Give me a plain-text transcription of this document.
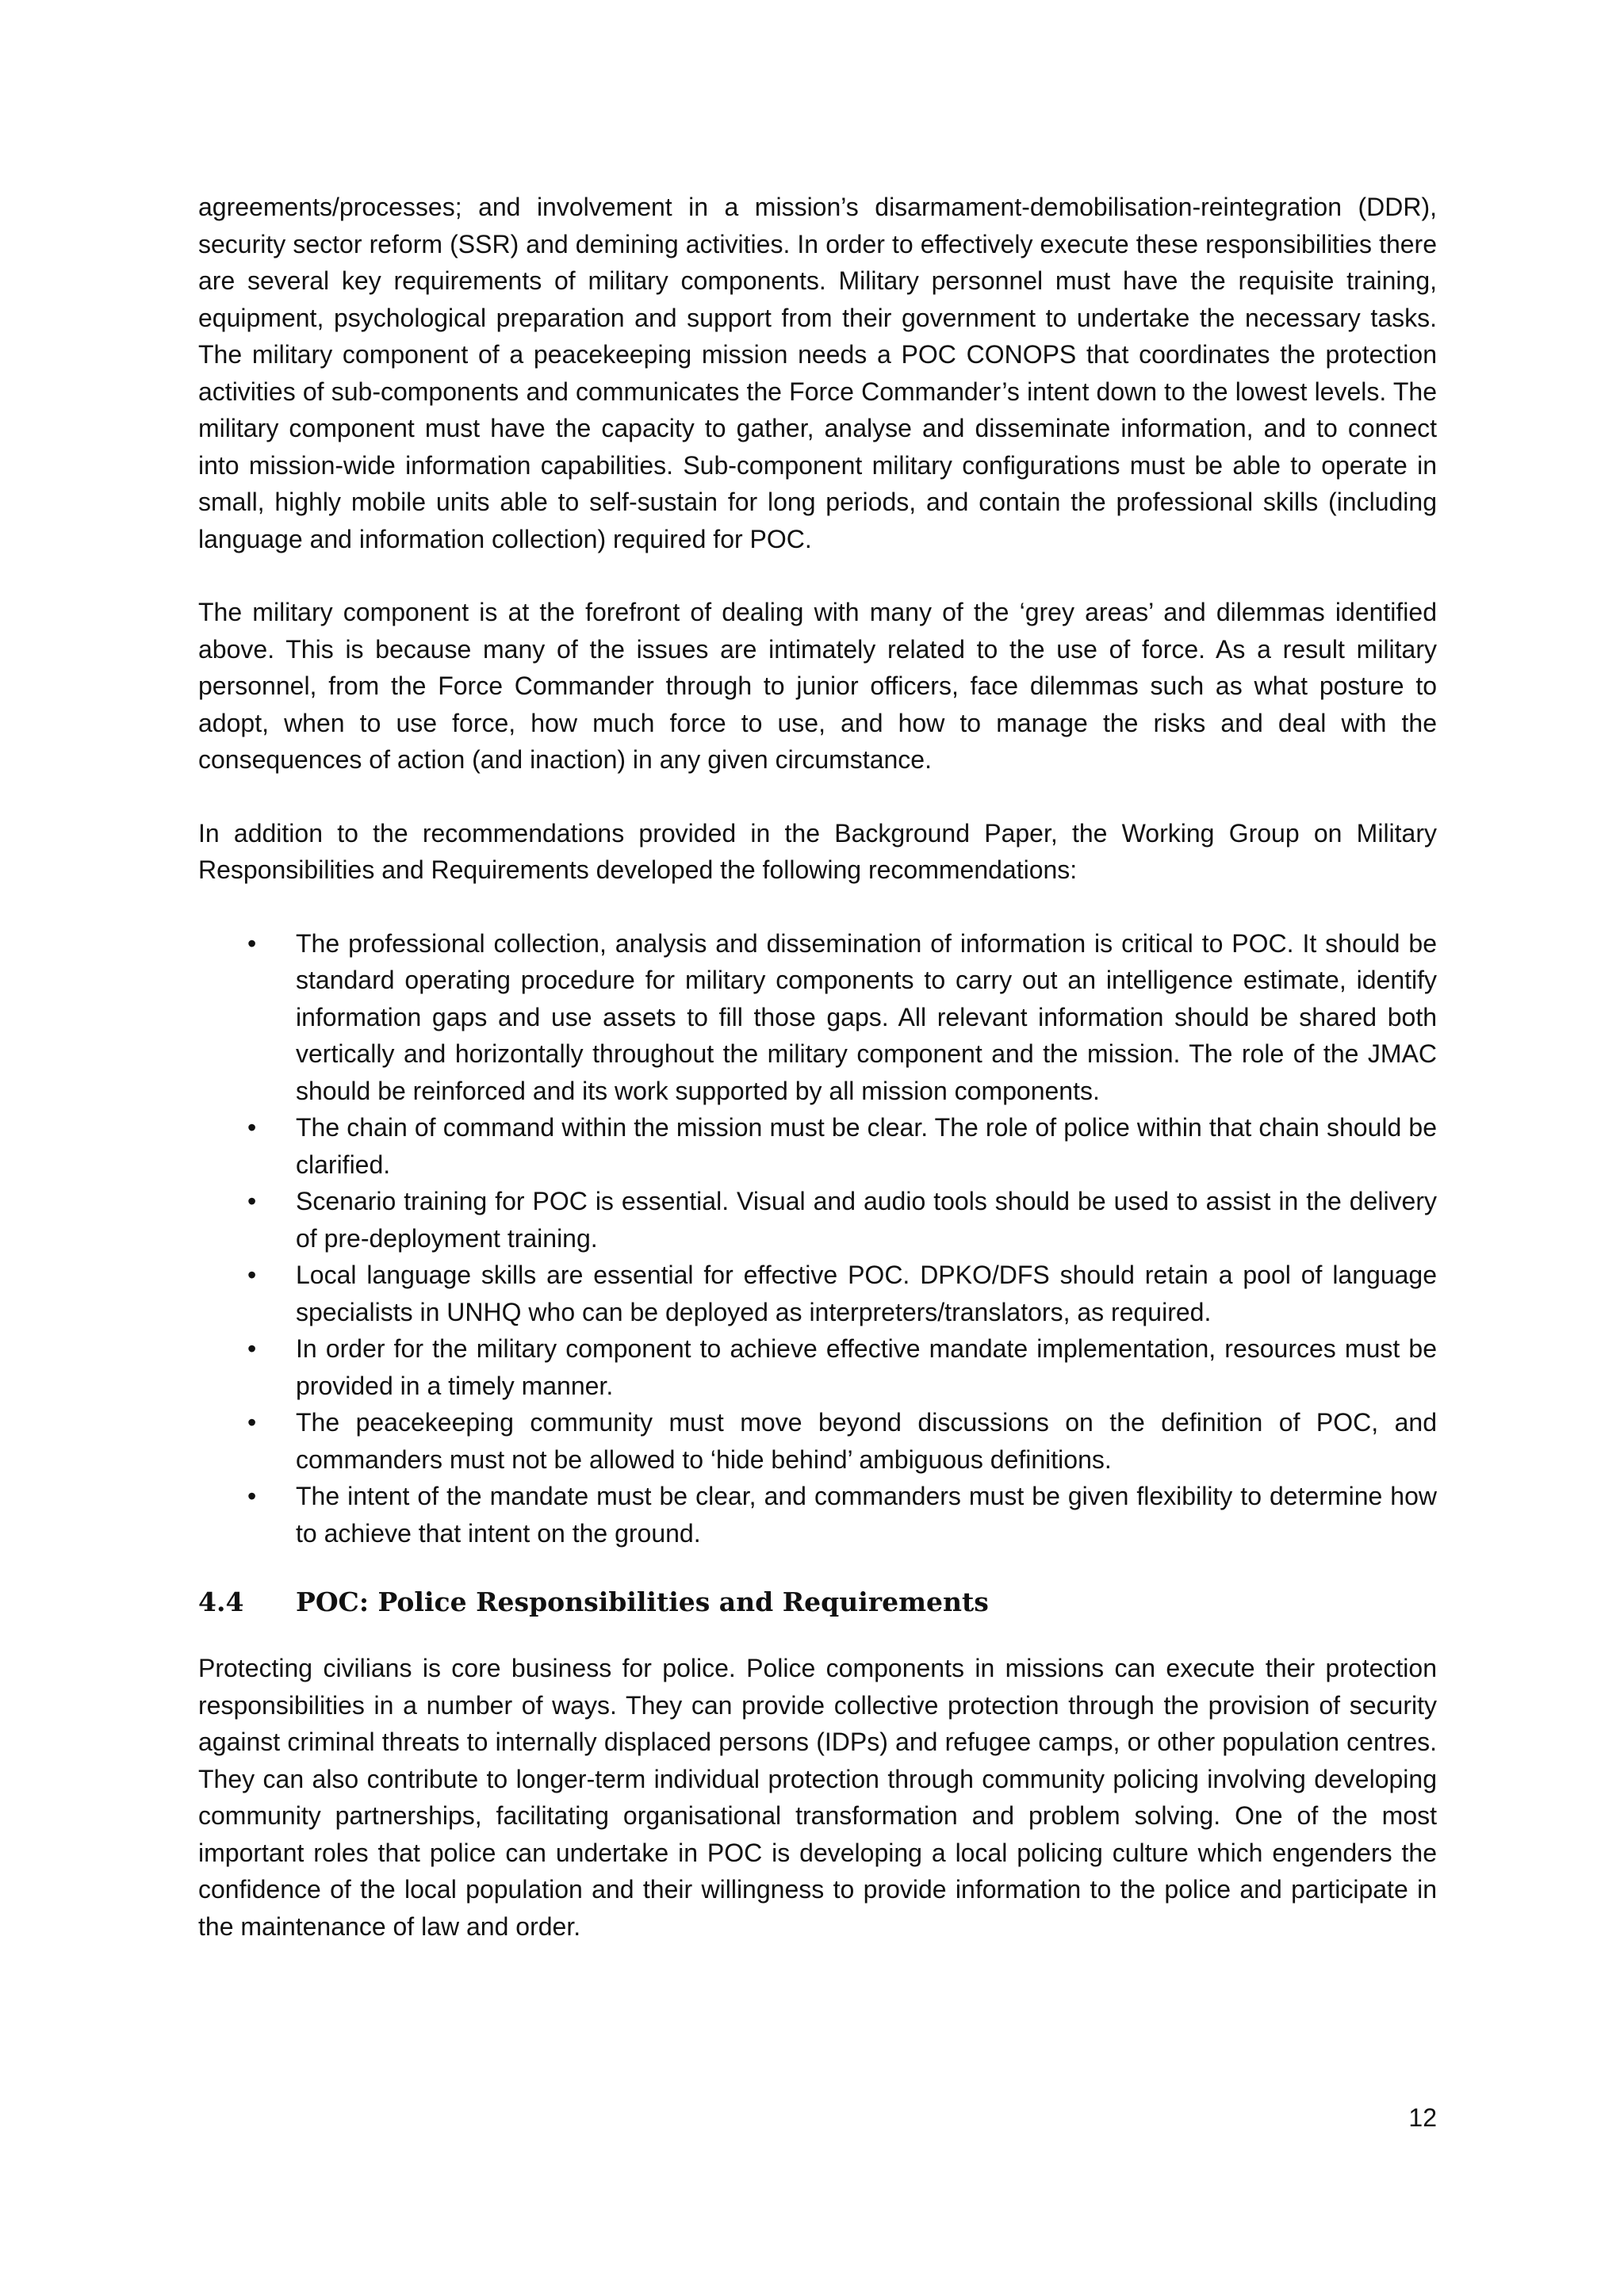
agreements/processes; and involvement in a mission’s disarmament-demobilisation-reintegration (DDR), security sector reform (SSR) and demining activities. In order to effectively execute these responsibilities there are several key requirements of military components. Military personnel must have the requisite training, equipment, psychological preparation and support from their government to undertake the necessary tasks. The military component of a peacekeeping mission needs a POC CONOPS that coordinates the protection activities of sub-components and communicates the Force Commander’s intent down to the lowest levels. The military component must have the capacity to gather, analyse and disseminate information, and to connect into mission-wide information capabilities. Sub-component military configurations must be able to operate in small, highly mobile units able to self-sustain for long periods, and contain the professional skills (including language and information collection) required for POC.

The military component is at the forefront of dealing with many of the ‘grey areas’ and dilemmas identified above. This is because many of the issues are intimately related to the use of force. As a result military personnel, from the Force Commander through to junior officers, face dilemmas such as what posture to adopt, when to use force, how much force to use, and how to manage the risks and deal with the consequences of action (and inaction) in any given circumstance.

In addition to the recommendations provided in the Background Paper, the Working Group on Military Responsibilities and Requirements developed the following recommendations:

• The professional collection, analysis and dissemination of information is critical to POC. It should be standard operating procedure for military components to carry out an intelligence estimate, identify information gaps and use assets to fill those gaps. All relevant information should be shared both vertically and horizontally throughout the military component and the mission. The role of the JMAC should be reinforced and its work supported by all mission components.
• The chain of command within the mission must be clear. The role of police within that chain should be clarified.
• Scenario training for POC is essential. Visual and audio tools should be used to assist in the delivery of pre-deployment training.
• Local language skills are essential for effective POC. DPKO/DFS should retain a pool of language specialists in UNHQ who can be deployed as interpreters/translators, as required.
• In order for the military component to achieve effective mandate implementation, resources must be provided in a timely manner.
• The peacekeeping community must move beyond discussions on the definition of POC, and commanders must not be allowed to ‘hide behind’ ambiguous definitions.
• The intent of the mandate must be clear, and commanders must be given flexibility to determine how to achieve that intent on the ground.
4.4	POC: Police Responsibilities and Requirements

Protecting civilians is core business for police. Police components in missions can execute their protection responsibilities in a number of ways. They can provide collective protection through the provision of security against criminal threats to internally displaced persons (IDPs) and refugee camps, or other population centres. They can also contribute to longer-term individual protection through community policing involving developing community partnerships, facilitating organisational transformation and problem solving. One of the most important roles that police can undertake in POC is developing a local policing culture which engenders the confidence of the local population and their willingness to provide information to the police and participate in the maintenance of law and order.

12
